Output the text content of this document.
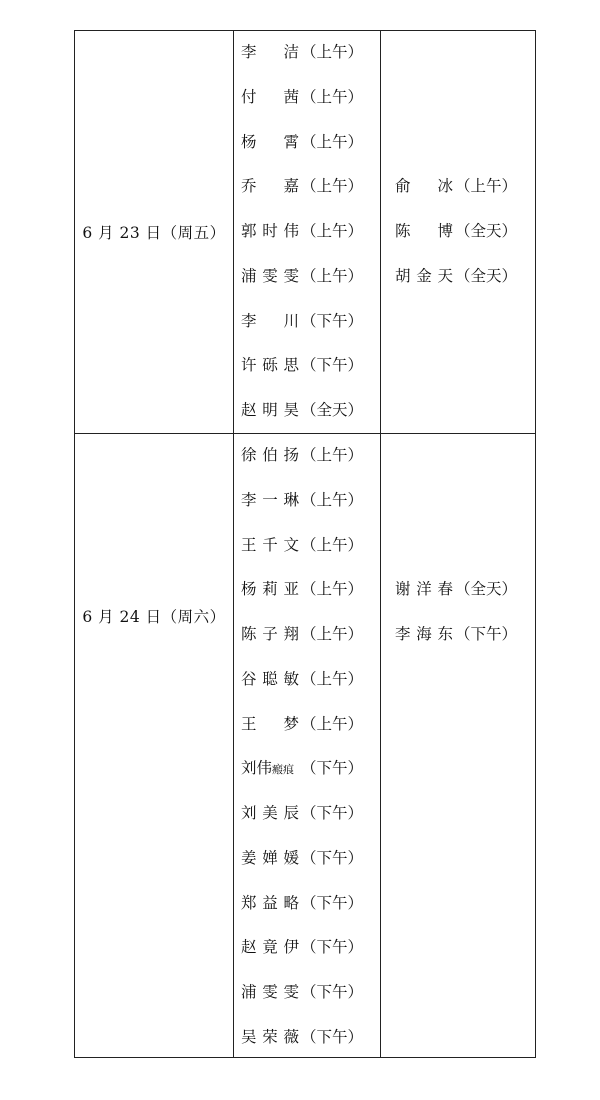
6 月 23 日（周五）
李　洁 （上午）
付　茜 （上午）
杨　霄 （上午）
乔　嘉 （上午）
郭时伟 （上午）
浦雯雯 （上午）
李　川 （下午）
许砾思 （下午）
赵明昊 （全天）
俞　冰 （上午）
陈　博 （全天）
胡金天 （全天）
6 月 24 日（周六）
徐伯扬 （上午）
李一琳 （上午）
王千文 （上午）
杨莉亚 （上午）
陈子翔 （上午）
谷聪敏 （上午）
王　梦 （上午）
刘伟瘢痕 （下午）
刘美辰 （下午）
姜婵媛 （下午）
郑益略 （下午）
赵竟伊 （下午）
浦雯雯 （下午）
吴荣薇 （下午）
谢洋春 （全天）
李海东 （下午）
